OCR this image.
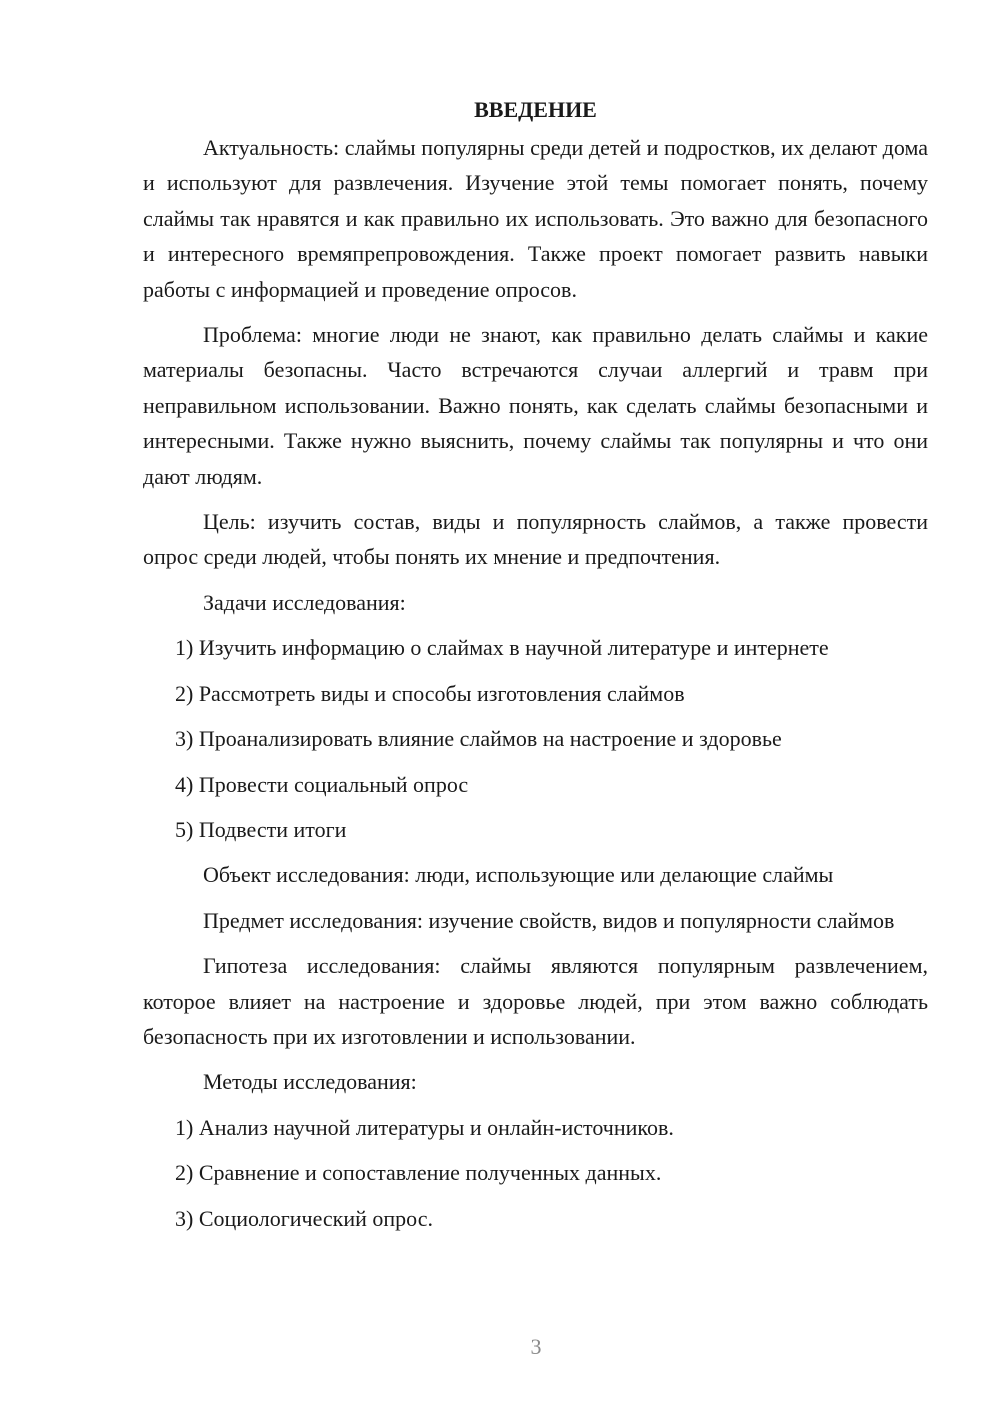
ВВЕДЕНИЕ

Актуальность: слаймы популярны среди детей и подростков, их делают дома и используют для развлечения. Изучение этой темы помогает понять, почему слаймы так нравятся и как правильно их использовать. Это важно для безопасного и интересного времяпрепровождения. Также проект помогает развить навыки работы с информацией и проведение опросов.

Проблема: многие люди не знают, как правильно делать слаймы и какие материалы безопасны. Часто встречаются случаи аллергий и травм при неправильном использовании. Важно понять, как сделать слаймы безопасными и интересными. Также нужно выяснить, почему слаймы так популярны и что они дают людям.

Цель: изучить состав, виды и популярность слаймов, а также провести опрос среди людей, чтобы понять их мнение и предпочтения.

Задачи исследования:
1) Изучить информацию о слаймах в научной литературе и интернете
2) Рассмотреть виды и способы изготовления слаймов
3) Проанализировать влияние слаймов на настроение и здоровье
4) Провести социальный опрос
5) Подвести итоги
Объект исследования: люди, использующие или делающие слаймы

Предмет исследования: изучение свойств, видов и популярности слаймов

Гипотеза исследования: слаймы являются популярным развлечением, которое влияет на настроение и здоровье людей, при этом важно соблюдать безопасность при их изготовлении и использовании.

Методы исследования:
1) Анализ научной литературы и онлайн-источников.
2) Сравнение и сопоставление полученных данных.
3) Социологический опрос.
3
